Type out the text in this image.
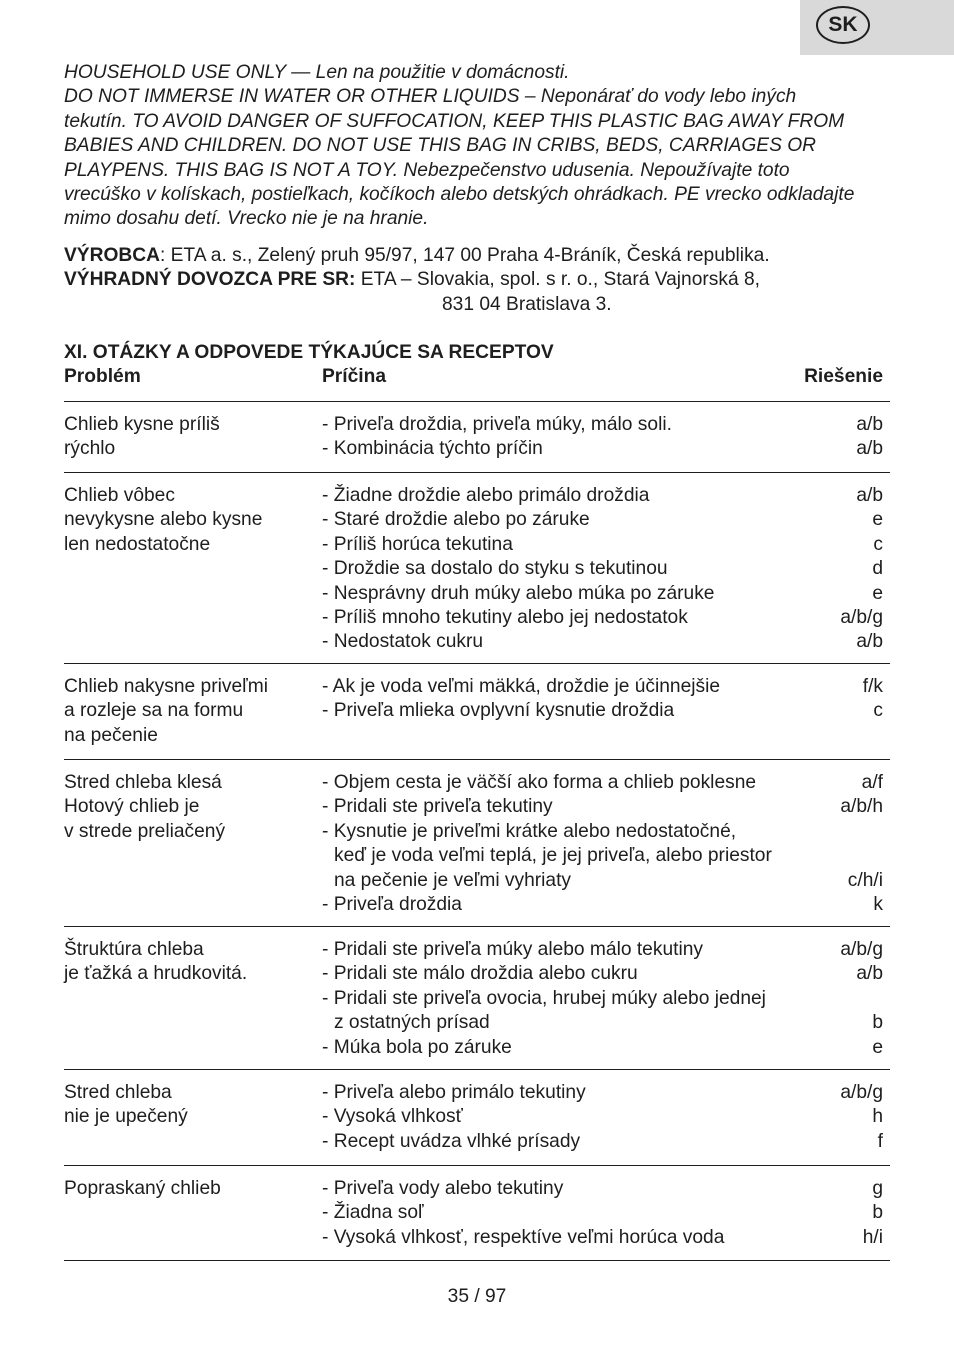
SK

HOUSEHOLD USE ONLY — Len na použitie v domácnosti.

DO NOT IMMERSE IN WATER OR OTHER LIQUIDS – Neponárať do vody lebo iných

tekutín. TO AVOID DANGER OF SUFFOCATION, KEEP THIS PLASTIC BAG AWAY FROM

BABIES AND CHILDREN. DO NOT USE THIS BAG IN CRIBS, BEDS, CARRIAGES OR

PLAYPENS. THIS BAG IS NOT A TOY. Nebezpečenstvo udusenia. Nepoužívajte toto

vrecúško v kolískach, postieľkach, kočíkoch alebo detských ohrádkach. PE vrecko odkladajte

mimo dosahu detí. Vrecko nie je na hranie.

VÝROBCA: ETA a. s., Zelený pruh 95/97, 147 00 Praha 4-Bráník, Česká republika.
VÝHRADNÝ DOVOZCA PRE SR: ETA – Slovakia, spol. s r. o., Stará Vajnorská 8,
831 04 Bratislava 3.
XI. OTÁZKY A ODPOVEDE TÝKAJÚCE SA RECEPTOV
Problém	Príčina	Riešenie
Chlieb kysne príliš
rýchlo
- Priveľa droždia, priveľa múky, málo soli.	a/b
- Kombinácia týchto príčin	a/b
Chlieb vôbec
nevykysne alebo kysne
len nedostatočne
- Žiadne droždie alebo primálo droždia	a/b
- Staré droždie alebo po záruke	e
- Príliš horúca tekutina	c
- Droždie sa dostalo do styku s tekutinou	d
- Nesprávny druh múky alebo múka po záruke	e
- Príliš mnoho tekutiny alebo jej nedostatok	a/b/g
- Nedostatok cukru	a/b
Chlieb nakysne priveľmi
a rozleje sa na formu
na pečenie
- Ak je voda veľmi mäkká, droždie je účinnejšie	f/k
- Priveľa mlieka ovplyvní kysnutie droždia	c
Stred chleba klesá
Hotový chlieb je
v strede preliačený
- Objem cesta je väčší ako forma a chlieb poklesne	a/f
- Pridali ste priveľa tekutiny	a/b/h
- Kysnutie je priveľmi krátke alebo nedostatočné,
keď je voda veľmi teplá, je jej priveľa, alebo priestor
na pečenie je veľmi vyhriaty	c/h/i
- Priveľa droždia	k
Štruktúra chleba
je ťažká a hrudkovitá.
- Pridali ste priveľa múky alebo málo tekutiny	a/b/g
- Pridali ste málo droždia alebo cukru	a/b
- Pridali ste priveľa ovocia, hrubej múky alebo jednej
z ostatných prísad	b
- Múka bola po záruke	e
Stred chleba
nie je upečený
- Priveľa alebo primálo tekutiny	a/b/g
- Vysoká vlhkosť	h
- Recept uvádza vlhké prísady	f
Popraskaný chlieb	- Priveľa vody alebo tekutiny	g
- Žiadna soľ	b
- Vysoká vlhkosť, respektíve veľmi horúca voda	h/i
35 / 97
